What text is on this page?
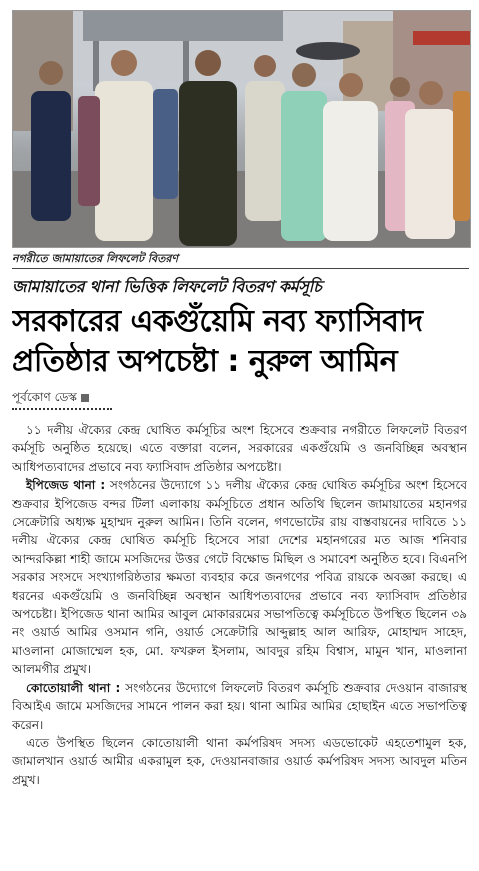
নগরীতে জামায়াতের লিফলেট বিতরণ
জামায়াতের থানা ভিত্তিক লিফলেট বিতরণ কর্মসূচি
সরকারের একগুঁয়েমি নব্য ফ্যাসিবাদ
প্রতিষ্ঠার অপচেষ্টা : নুরুল আমিন
পূর্বকোণ ডেস্ক

১১ দলীয় ঐক্যের কেন্দ্র ঘোষিত কর্মসূচির অংশ হিসেবে শুক্রবার নগরীতে লিফলেট বিতরণ কর্মসূচি অনুষ্ঠিত হয়েছে। এতে বক্তারা বলেন, সরকারের একগুঁয়েমি ও জনবিচ্ছিন্ন অবস্থান আধিপত্যবাদের প্রভাবে নব্য ফ্যাসিবাদ প্রতিষ্ঠার অপচেষ্টা।

ইপিজেড থানা : সংগঠনের উদ্যোগে ১১ দলীয় ঐক্যের কেন্দ্র ঘোষিত কর্মসূচির অংশ হিসেবে শুক্রবার ইপিজেড বন্দর টিলা এলাকায় কর্মসূচিতে প্রধান অতিথি ছিলেন জামায়াতের মহানগর সেক্রেটারি অধ্যক্ষ মুহাম্মদ নুরুল আমিন। তিনি বলেন, গণভোটের রায় বাস্তবায়নের দাবিতে ১১ দলীয় ঐক্যের কেন্দ্র ঘোষিত কর্মসূচি হিসেবে সারা দেশের মহানগরের মত আজ শনিবার আন্দরকিল্লা শাহী জামে মসজিদের উত্তর গেটে বিক্ষোভ মিছিল ও সমাবেশ অনুষ্ঠিত হবে। বিএনপি সরকার সংসদে সংখ্যাগরিষ্ঠতার ক্ষমতা ব্যবহার করে জনগণের পবিত্র রায়কে অবজ্ঞা করছে। এ ধরনের একগুঁয়েমি ও জনবিচ্ছিন্ন অবস্থান আধিপত্যবাদের প্রভাবে নব্য ফ্যাসিবাদ প্রতিষ্ঠার অপচেষ্টা। ইপিজেড থানা আমির আবুল মোকাররমের সভাপতিত্বে কর্মসূচিতে উপস্থিত ছিলেন ৩৯ নং ওয়ার্ড আমির ওসমান গনি, ওয়ার্ড সেক্রেটারি আব্দুল্লাহ আল আরিফ, মোহাম্মদ সাহেদ, মাওলানা মোজাম্মেল হক, মো. ফখরুল ইসলাম, আবদুর রহিম বিশ্বাস, মামুন খান, মাওলানা আলমগীর প্রমুখ।

কোতোয়ালী থানা : সংগঠনের উদ্যোগে লিফলেট বিতরণ কর্মসূচি শুক্রবার দেওয়ান বাজারস্থ বিআইএ জামে মসজিদের সামনে পালন করা হয়। থানা আমির আমির হোছাইন এতে সভাপতিত্ব করেন।

এতে উপস্থিত ছিলেন কোতোয়ালী থানা কর্মপরিষদ সদস্য এডভোকেট এহতেশামুল হক, জামালখান ওয়ার্ড আমীর একরামুল হক, দেওয়ানবাজার ওয়ার্ড কর্মপরিষদ সদস্য আবদুল মতিন প্রমুখ।
